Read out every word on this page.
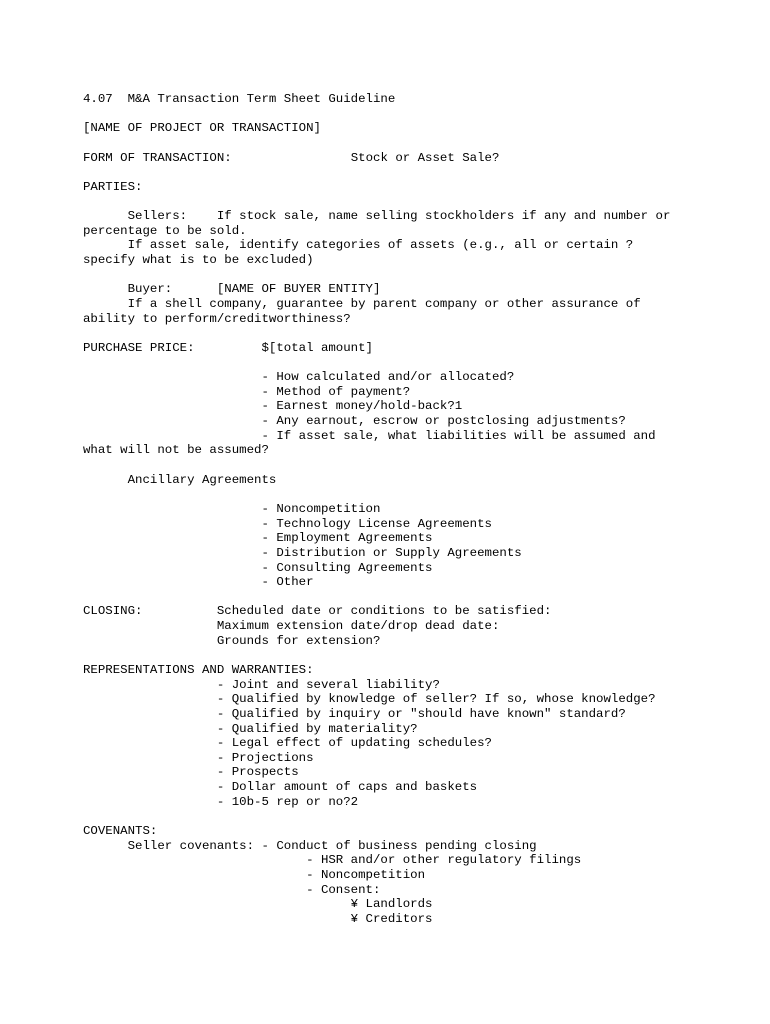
4.07  M&A Transaction Term Sheet Guideline
[NAME OF PROJECT OR TRANSACTION]
FORM OF TRANSACTION:	Stock or Asset Sale?
PARTIES:
Sellers:    If stock sale, name selling stockholders if any and number or
percentage to be sold.
If asset sale, identify categories of assets (e.g., all or certain ?
specify what is to be excluded)
Buyer:      [NAME OF BUYER ENTITY]
If a shell company, guarantee by parent company or other assurance of
ability to perform/creditworthiness?
PURCHASE PRICE:         $[total amount]
- How calculated and/or allocated?
- Method of payment?
- Earnest money/hold-back?1
- Any earnout, escrow or postclosing adjustments?
- If asset sale, what liabilities will be assumed and
what will not be assumed?
Ancillary Agreements
- Noncompetition
- Technology License Agreements
- Employment Agreements
- Distribution or Supply Agreements
- Consulting Agreements
- Other
CLOSING:          Scheduled date or conditions to be satisfied:
Maximum extension date/drop dead date:
Grounds for extension?
REPRESENTATIONS AND WARRANTIES:
- Joint and several liability?
- Qualified by knowledge of seller? If so, whose knowledge?
- Qualified by inquiry or "should have known" standard?
- Qualified by materiality?
- Legal effect of updating schedules?
- Projections
- Prospects
- Dollar amount of caps and baskets
- 10b-5 rep or no?2
COVENANTS:
Seller covenants: - Conduct of business pending closing
- HSR and/or other regulatory filings
- Noncompetition
- Consent:
¥ Landlords
¥ Creditors
